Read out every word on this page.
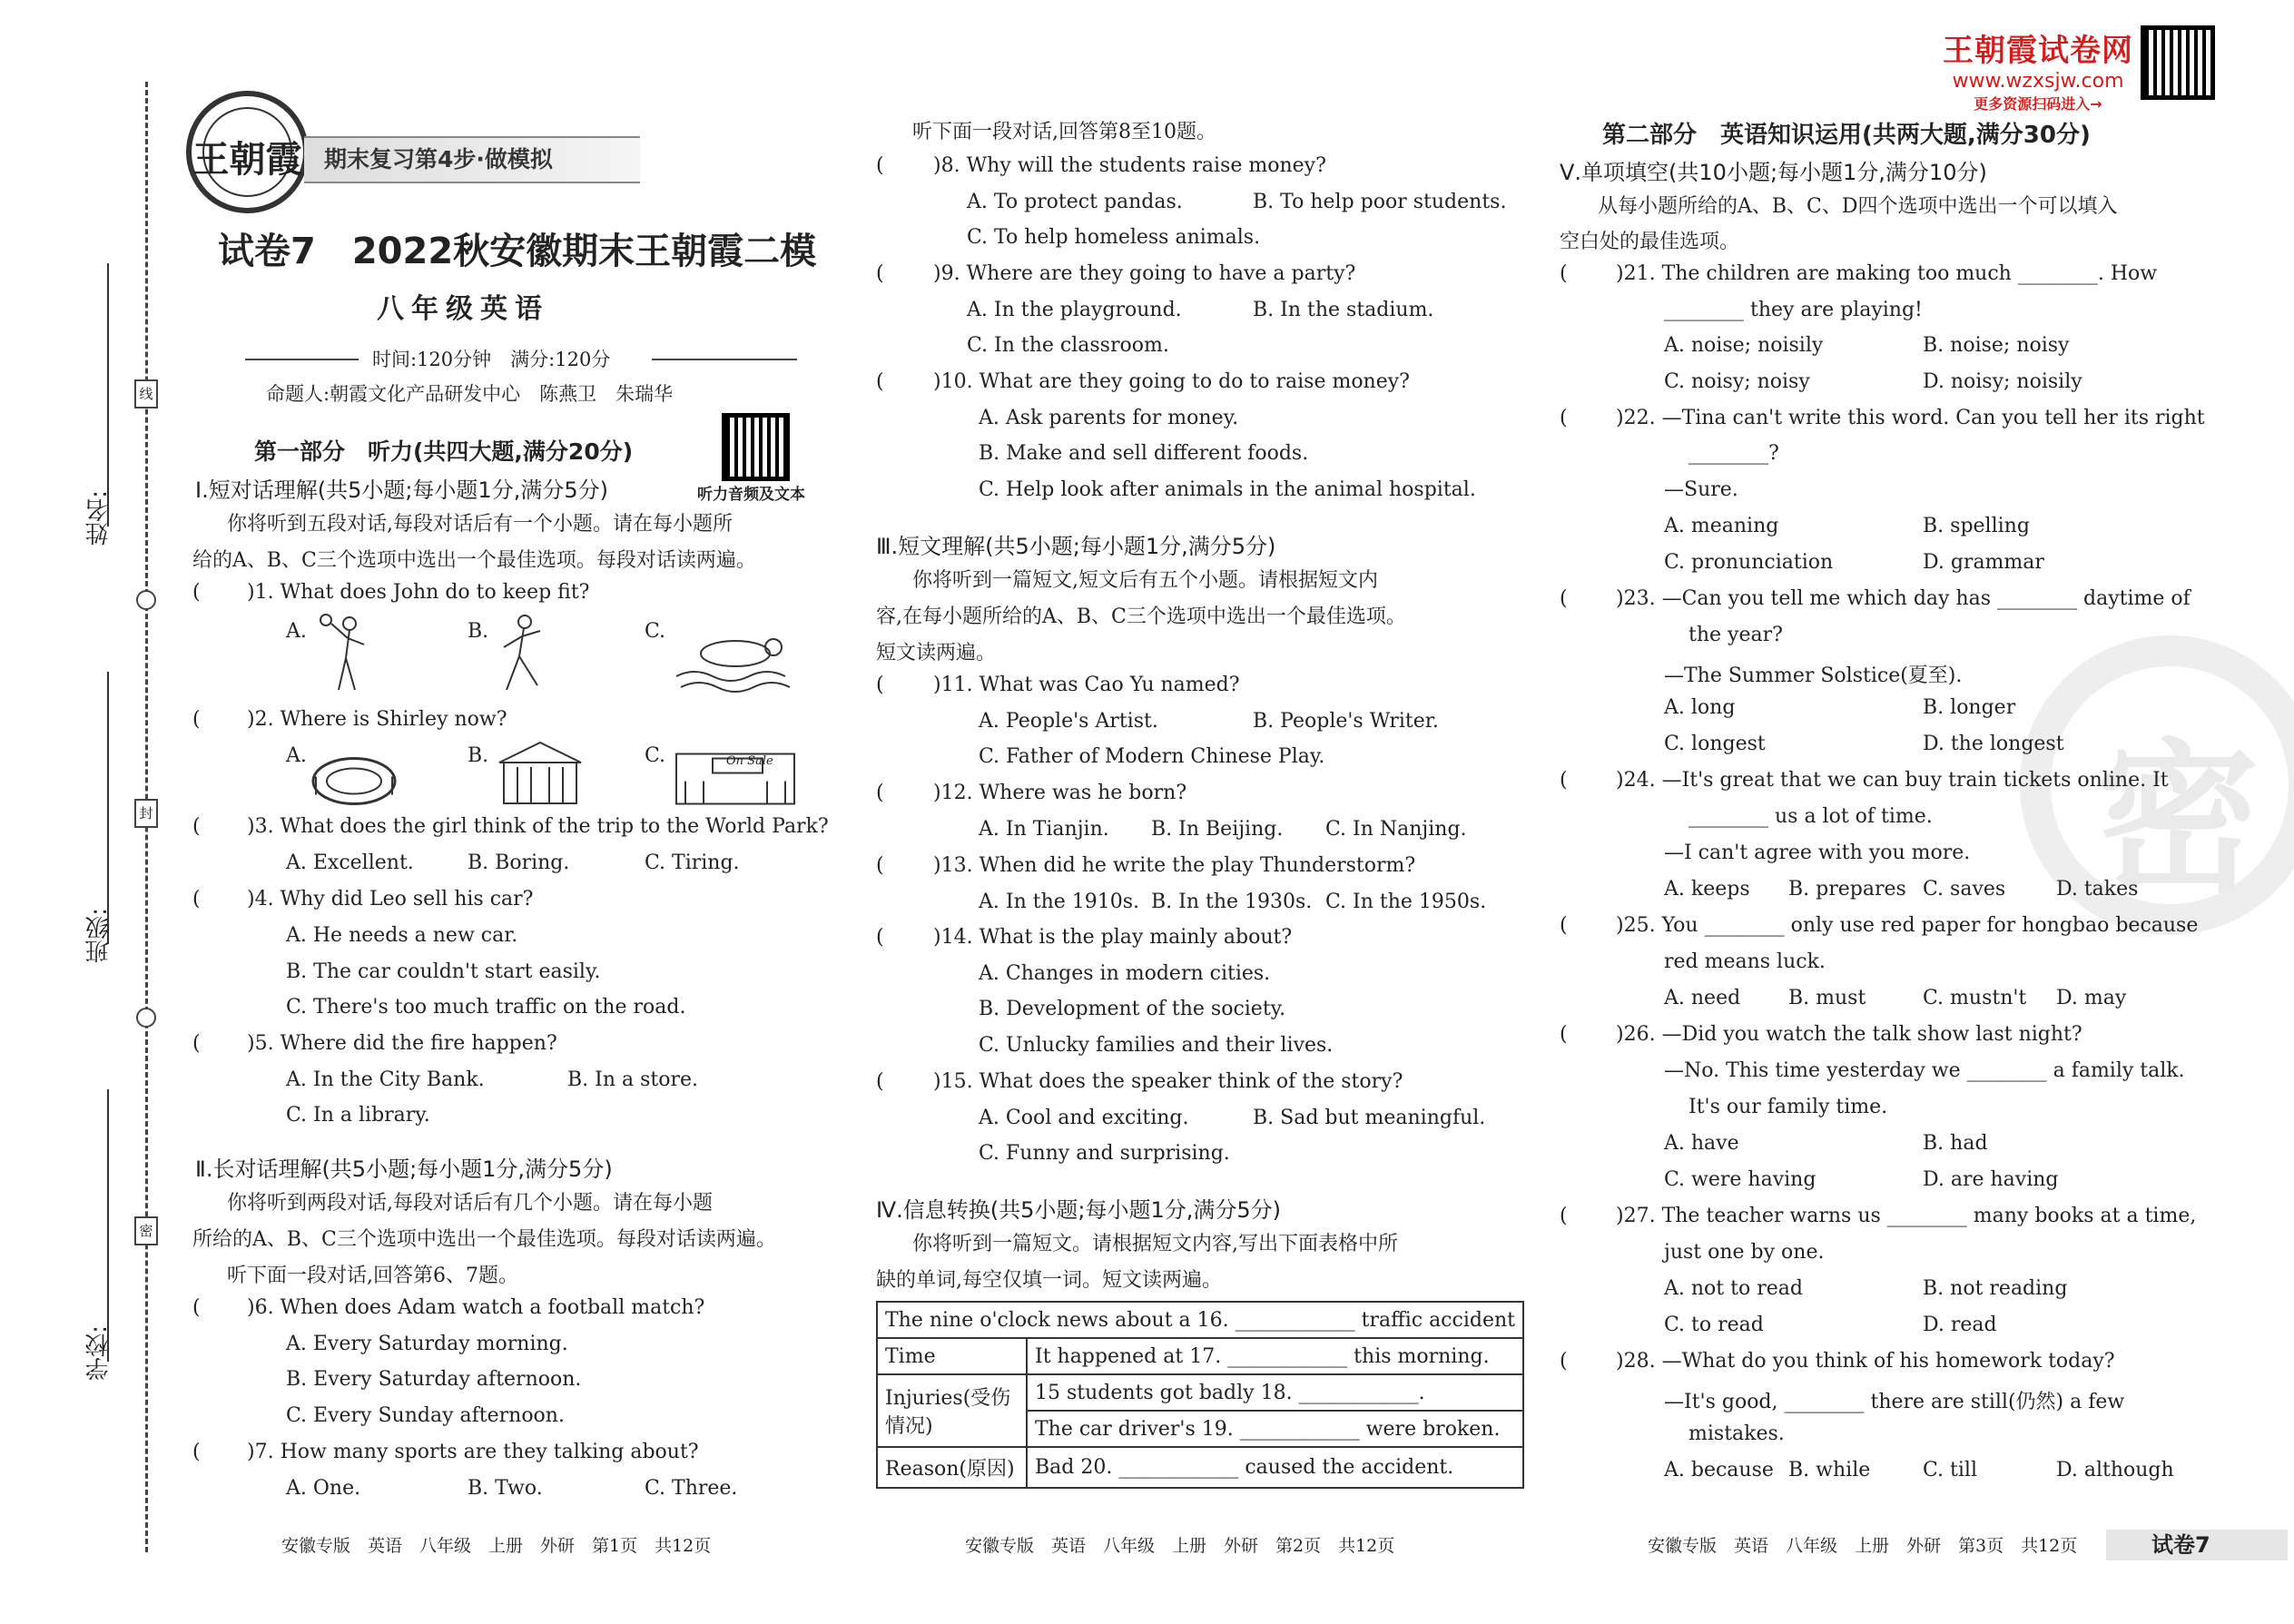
线
封
密
姓名:
班级:
学校:
王朝霞 期末复习第4步·做模拟
试卷7　2022秋安徽期末王朝霞二模
八年级英语
时间:120分钟　满分:120分
命题人:朝霞文化产品研发中心　陈燕卫　朱瑞华
听力音频及文本
第一部分　听力(共四大题,满分20分)
Ⅰ.短对话理解(共5小题;每小题1分,满分5分)
你将听到五段对话,每段对话后有一个小题。请在每小题所
给的A、B、C三个选项中选出一个最佳选项。每段对话读两遍。
( )1. What does John do to keep fit?
A.	B.	C.
( )2. Where is Shirley now?
A.	B.	C.	On Sale
( )3. What does the girl think of the trip to the World Park?
A. Excellent.	B. Boring.	C. Tiring.
( )4. Why did Leo sell his car?
A. He needs a new car.
B. The car couldn't start easily.
C. There's too much traffic on the road.
( )5. Where did the fire happen?
A. In the City Bank.	B. In a store.
C. In a library.
Ⅱ.长对话理解(共5小题;每小题1分,满分5分)
你将听到两段对话,每段对话后有几个小题。请在每小题
所给的A、B、C三个选项中选出一个最佳选项。每段对话读两遍。
听下面一段对话,回答第6、7题。
( )6. When does Adam watch a football match?
A. Every Saturday morning.
B. Every Saturday afternoon.
C. Every Sunday afternoon.
( )7. How many sports are they talking about?
A. One.	B. Two.	C. Three.
安徽专版　英语　八年级　上册　外研　第1页　共12页
听下面一段对话,回答第8至10题。
( )8. Why will the students raise money?
A. To protect pandas.	B. To help poor students.
C. To help homeless animals.
( )9. Where are they going to have a party?
A. In the playground.	B. In the stadium.
C. In the classroom.
( )10. What are they going to do to raise money?
A. Ask parents for money.
B. Make and sell different foods.
C. Help look after animals in the animal hospital.
Ⅲ.短文理解(共5小题;每小题1分,满分5分)
你将听到一篇短文,短文后有五个小题。请根据短文内
容,在每小题所给的A、B、C三个选项中选出一个最佳选项。
短文读两遍。
( )11. What was Cao Yu named?
A. People's Artist.	B. People's Writer.
C. Father of Modern Chinese Play.
( )12. Where was he born?
A. In Tianjin. B. In Beijing. C. In Nanjing.
( )13. When did he write the play Thunderstorm?
A. In the 1910s. B. In the 1930s. C. In the 1950s.
( )14. What is the play mainly about?
A. Changes in modern cities.
B. Development of the society.
C. Unlucky families and their lives.
( )15. What does the speaker think of the story?
A. Cool and exciting.	B. Sad but meaningful.
C. Funny and surprising.
Ⅳ.信息转换(共5小题;每小题1分,满分5分)
你将听到一篇短文。请根据短文内容,写出下面表格中所
缺的单词,每空仅填一词。短文读两遍。
The nine o'clock news about a 16. ____________ traffic accident	
Time	It happened at 17. ____________ this morning.
Injuries(受伤情况)	15 students got badly 18. ____________.
	The car driver's 19. ____________ were broken.
Reason(原因)	Bad 20. ____________ caused the accident.
安徽专版　英语　八年级　上册　外研　第2页　共12页
王朝霞试卷网
www.wzxsjw.com
更多资源扫码进入→
密
第二部分　英语知识运用(共两大题,满分30分)
Ⅴ.单项填空(共10小题;每小题1分,满分10分)
从每小题所给的A、B、C、D四个选项中选出一个可以填入
空白处的最佳选项。
( )21. The children are making too much ________. How
________ they are playing!
A. noise; noisily	B. noise; noisy
C. noisy; noisy	D. noisy; noisily
( )22. —Tina can't write this word. Can you tell her its right
________?
—Sure.
A. meaning	B. spelling
C. pronunciation	D. grammar
( )23. —Can you tell me which day has ________ daytime of
the year?
—The Summer Solstice(夏至).
A. long	B. longer
C. longest	D. the longest
( )24. —It's great that we can buy train tickets online. It
________ us a lot of time.
—I can't agree with you more.
A. keeps B. prepares C. saves	D. takes
( )25. You ________ only use red paper for hongbao because
red means luck.
A. need B. must	C. mustn't D. may
( )26. —Did you watch the talk show last night?
—No. This time yesterday we ________ a family talk.
It's our family time.
A. have	B. had
C. were having	D. are having
( )27. The teacher warns us ________ many books at a time,
just one by one.
A. not to read	B. not reading
C. to read	D. read
( )28. —What do you think of his homework today?
—It's good, ________ there are still(仍然) a few
mistakes.
A. because B. while	C. till	D. although
安徽专版　英语　八年级　上册　外研　第3页　共12页	试卷7
